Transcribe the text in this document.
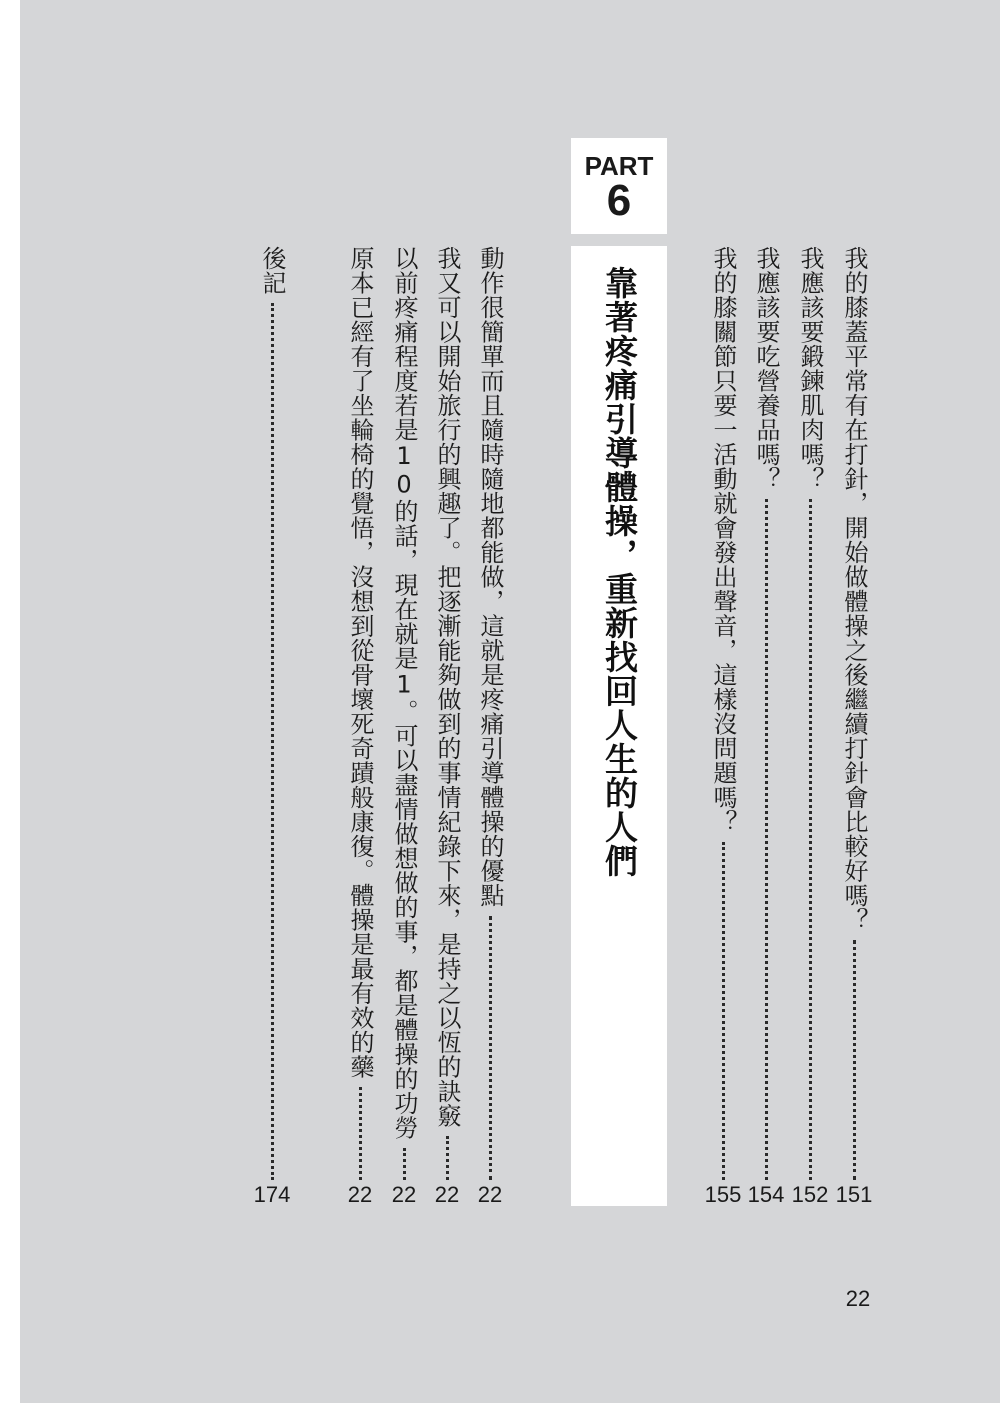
PART
6
靠著疼痛引導體操，重新找回人生的人們	我的膝蓋平常有在打針，開始做體操之後繼續打針會比較好嗎？
我應該要鍛鍊肌肉嗎？
我應該要吃營養品嗎？
我的膝關節只要一活動就會發出聲音，這樣沒問題嗎？
動作很簡單而且隨時隨地都能做，這就是疼痛引導體操的優點
我又可以開始旅行的興趣了。把逐漸能夠做到的事情紀錄下來，是持之以恆的訣竅
以前疼痛程度若是10的話，現在就是1。可以盡情做想做的事，都是體操的功勞
原本已經有了坐輪椅的覺悟，沒想到從骨壞死奇蹟般康復。體操是最有效的藥
後記
151
152
154
155
22
22
22
22
174
22
